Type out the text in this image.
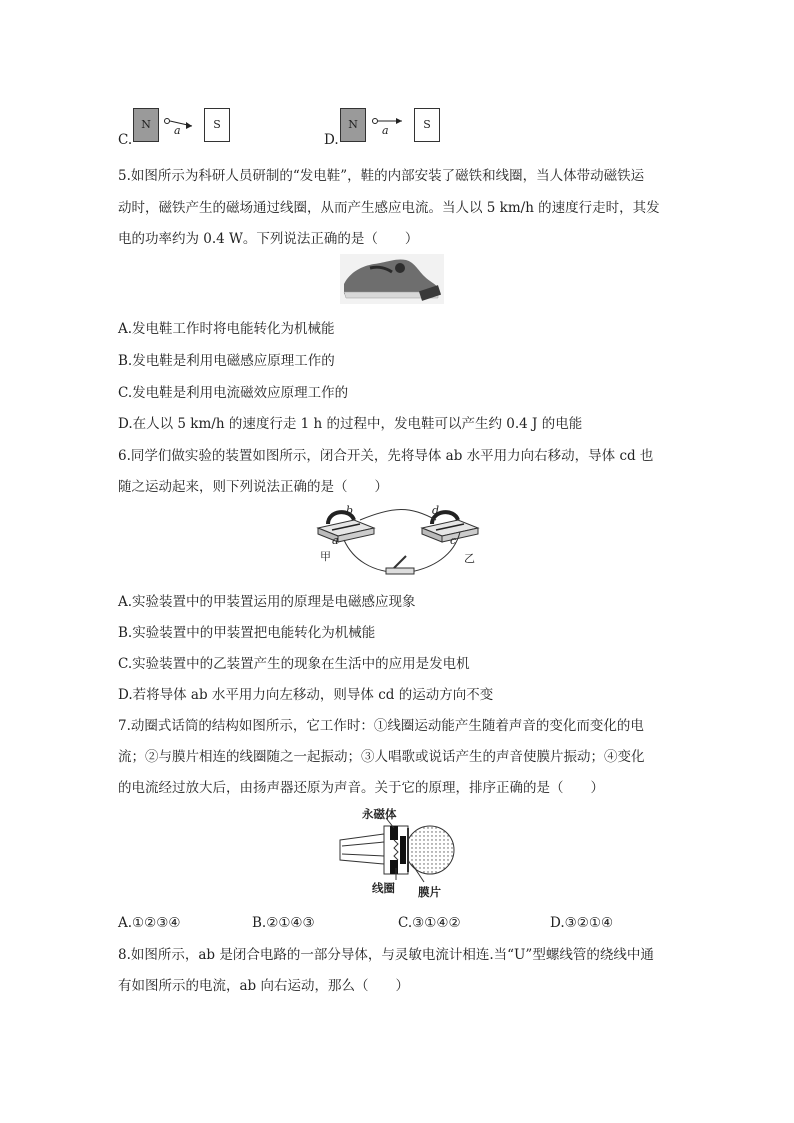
C.
N	a	S
D.
N	a	S
5.如图所示为科研人员研制的“发电鞋”，鞋的内部安装了磁铁和线圈，当人体带动磁铁运
动时，磁铁产生的磁场通过线圈，从而产生感应电流。当人以 5 km/h 的速度行走时，其发
电的功率约为 0.4 W。下列说法正确的是（　　）
A.发电鞋工作时将电能转化为机械能
B.发电鞋是利用电磁感应原理工作的
C.发电鞋是利用电流磁效应原理工作的
D.在人以 5 km/h 的速度行走 1 h 的过程中，发电鞋可以产生约 0.4 J 的电能
6.同学们做实验的装置如图所示，闭合开关，先将导体 ab 水平用力向右移动，导体 cd 也
随之运动起来，则下列说法正确的是（　　）
甲	乙
a
b
c
d
A.实验装置中的甲装置运用的原理是电磁感应现象
B.实验装置中的甲装置把电能转化为机械能
C.实验装置中的乙装置产生的现象在生活中的应用是发电机
D.若将导体 ab 水平用力向左移动，则导体 cd 的运动方向不变
7.动圈式话筒的结构如图所示，它工作时：①线圈运动能产生随着声音的变化而变化的电
流；②与膜片相连的线圈随之一起振动；③人唱歌或说话产生的声音使膜片振动；④变化
的电流经过放大后，由扬声器还原为声音。关于它的原理，排序正确的是（　　）
永磁体
线圈 膜片
A.①②③④	B.②①④③	C.③①④②	D.③②①④
8.如图所示，ab 是闭合电路的一部分导体，与灵敏电流计相连.当“U”型螺线管的绕线中通
有如图所示的电流，ab 向右运动，那么（　　）
